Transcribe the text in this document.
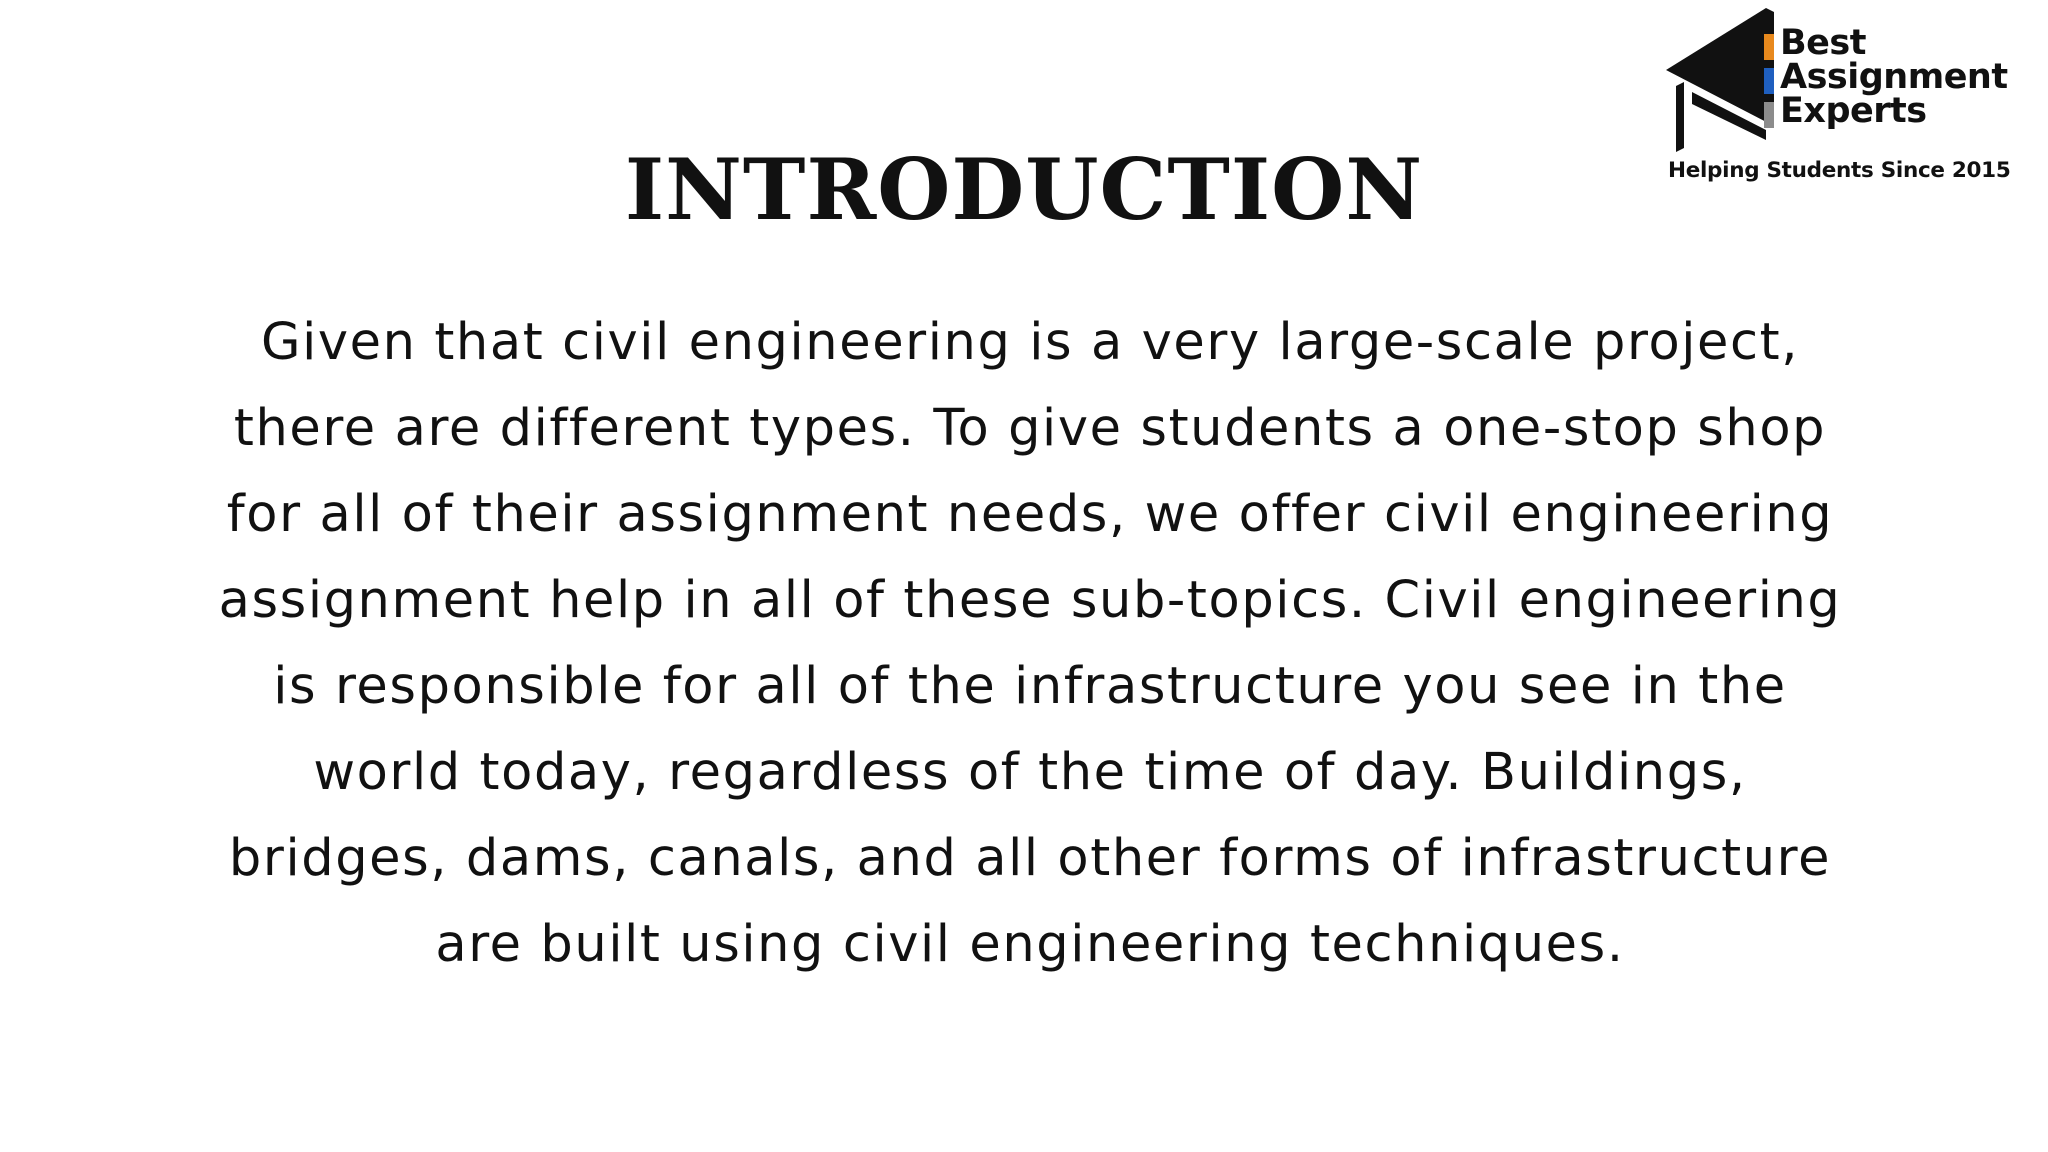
Best
Assignment
Experts
Helping Students Since 2015
INTRODUCTION
Given that civil engineering is a very large-scale project,
there are different types. To give students a one-stop shop
for all of their assignment needs, we offer civil engineering
assignment help in all of these sub-topics. Civil engineering
is responsible for all of the infrastructure you see in the
world today, regardless of the time of day. Buildings,
bridges, dams, canals, and all other forms of infrastructure
are built using civil engineering techniques.
